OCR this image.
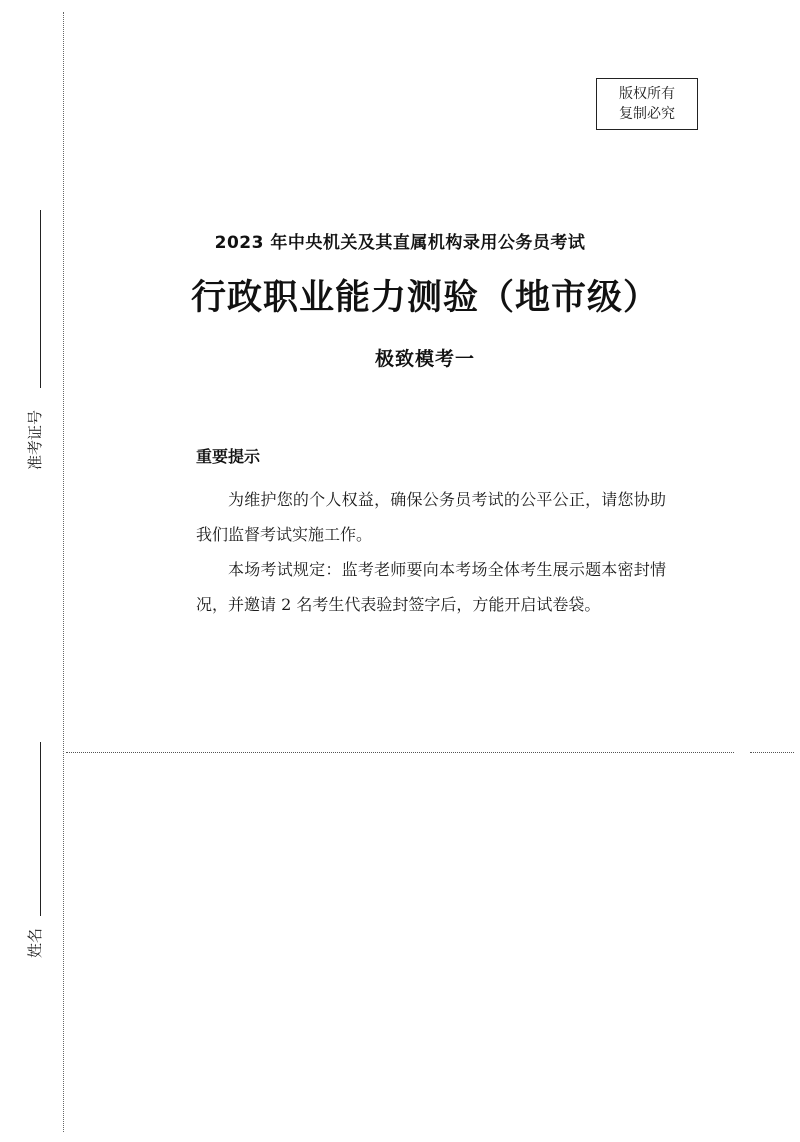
准考证号
姓名
版权所有
复制必究
2023 年中央机关及其直属机构录用公务员考试
行政职业能力测验（地市级）
极致模考一
重要提示

为维护您的个人权益，确保公务员考试的公平公正，请您协助我们监督考试实施工作。

本场考试规定：监考老师要向本考场全体考生展示题本密封情况，并邀请 2 名考生代表验封签字后，方能开启试卷袋。
